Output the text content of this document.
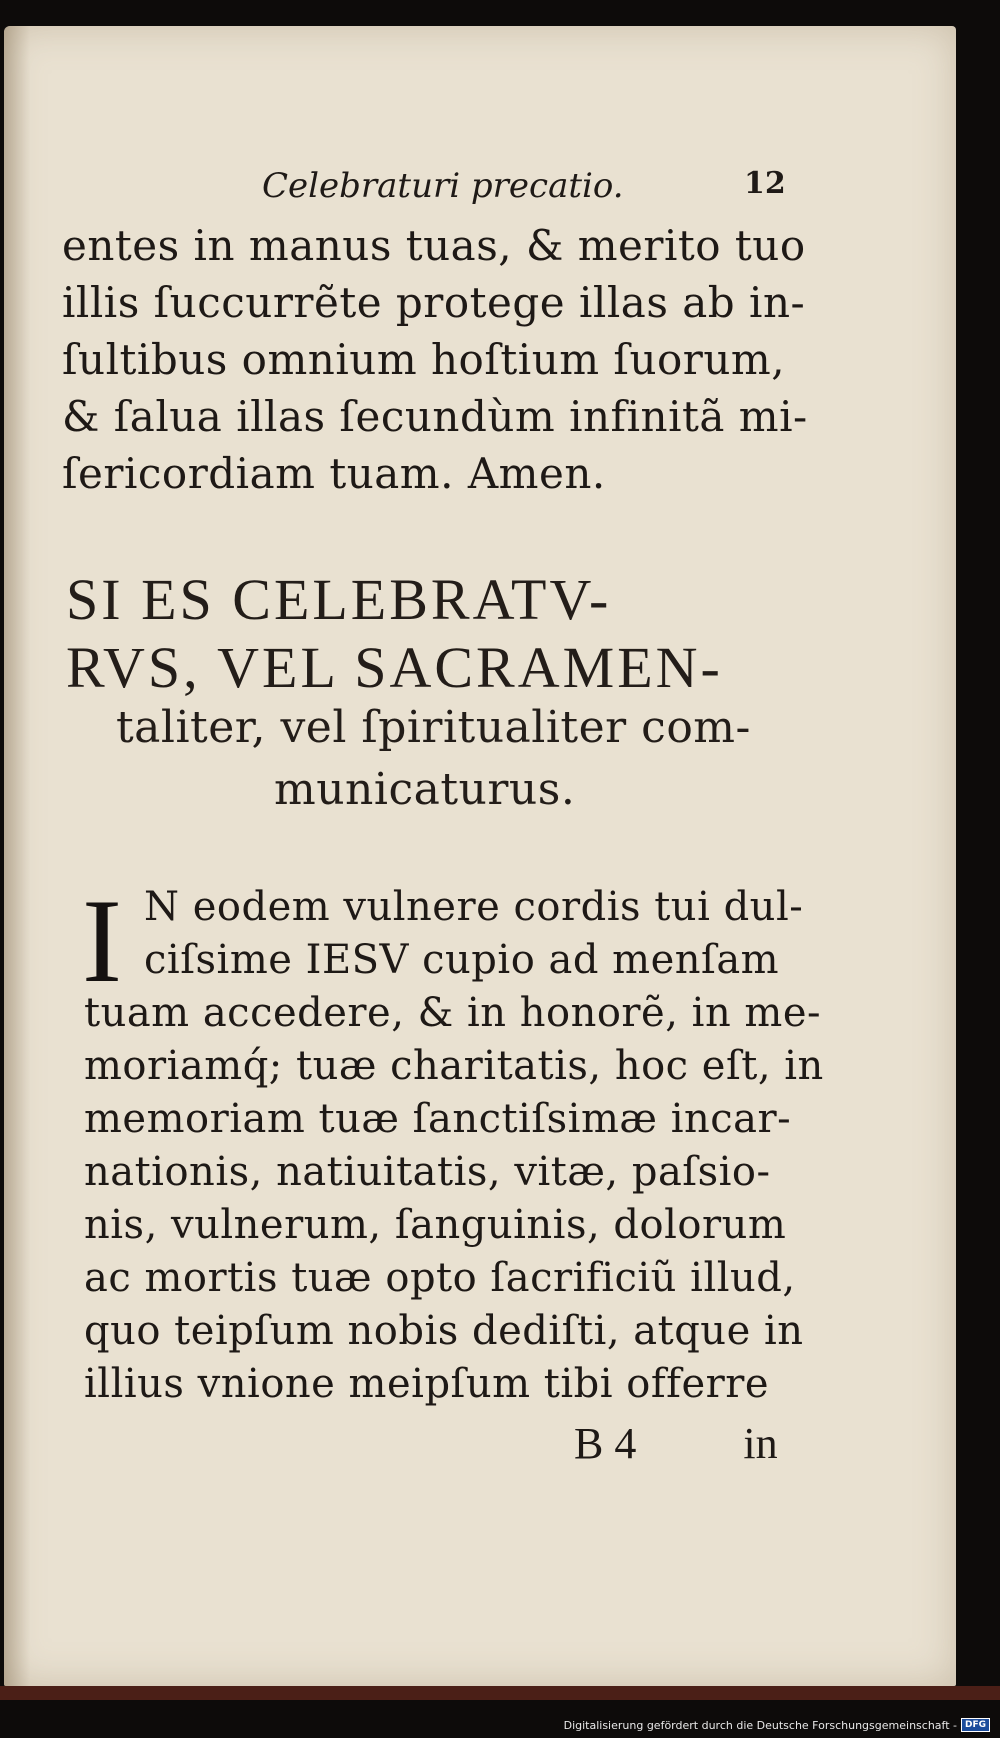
Celebraturi precatio.	12
entes in manus tuas, & merito tuo
illis ſuccurrẽte protege illas ab in-
ſultibus omnium hoſtium ſuorum,
& ſalua illas ſecundùm infinitã mi-
ſericordiam tuam. Amen.
SI ES CELEBRATV-
RVS, VEL SACRAMEN-
taliter, vel ſpiritualiter com-
municaturus.
I N eodem vulnere cordis tui dul-
ciſsime IESV cupio ad menſam
tuam accedere, & in honorẽ, in me-
moriamq́; tuæ charitatis, hoc eſt, in
memoriam tuæ ſanctiſsimæ incar-
nationis, natiuitatis, vitæ, paſsio-
nis, vulnerum, ſanguinis, dolorum
ac mortis tuæ opto ſacrificiũ illud,
quo teipſum nobis dediſti, atque in
illius vnione meipſum tibi offerre
B 4 in
Digitalisierung gefördert durch die Deutsche Forschungsgemeinschaft - DFG
